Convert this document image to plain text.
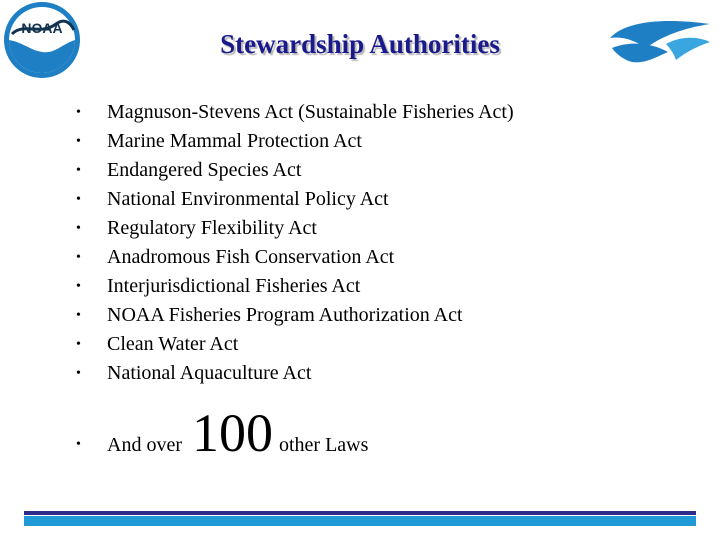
NOAA
Stewardship Authorities
•	Magnuson-Stevens Act (Sustainable Fisheries Act)
•	Marine Mammal Protection Act
•	Endangered Species Act
•	National Environmental Policy Act
•	Regulatory Flexibility Act
•	Anadromous Fish Conservation Act
•	Interjurisdictional Fisheries Act
•	NOAA Fisheries Program Authorization Act
•	Clean Water Act
•	National Aquaculture Act
•	And over 100 other Laws
